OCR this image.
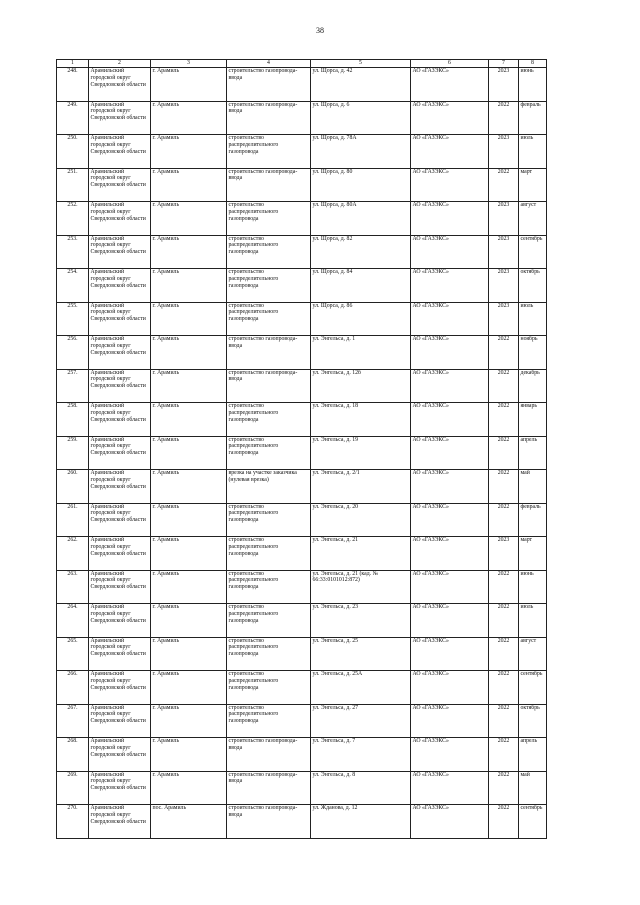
38
1	2	3	4	5	6	7	8
248.	Арамильский городской округ Свердловской области	г. Арамиль	строительство газопровода-ввода	ул. Щорса, д. 42	АО «ГАЗЭКС»	2023	июнь
249.	Арамильский городской округ Свердловской области	г. Арамиль	строительство газопровода-ввода	ул. Щорса, д. 6	АО «ГАЗЭКС»	2022	февраль
250.	Арамильский городской округ Свердловской области	г. Арамиль	строительство распределительного газопровода	ул. Щорса, д. 78А	АО «ГАЗЭКС»	2023	июль
251.	Арамильский городской округ Свердловской области	г. Арамиль	строительство газопровода-ввода	ул. Щорса, д. 80	АО «ГАЗЭКС»	2022	март
252.	Арамильский городской округ Свердловской области	г. Арамиль	строительство распределительного газопровода	ул. Щорса, д. 80А	АО «ГАЗЭКС»	2023	август
253.	Арамильский городской округ Свердловской области	г. Арамиль	строительство распределительного газопровода	ул. Щорса, д. 82	АО «ГАЗЭКС»	2023	сентябрь
254.	Арамильский городской округ Свердловской области	г. Арамиль	строительство распределительного газопровода	ул. Щорса, д. 84	АО «ГАЗЭКС»	2023	октябрь
255.	Арамильский городской округ Свердловской области	г. Арамиль	строительство распределительного газопровода	ул. Щорса, д. 86	АО «ГАЗЭКС»	2023	июль
256.	Арамильский городской округ Свердловской области	г. Арамиль	строительство газопровода-ввода	ул. Энгельса, д. 1	АО «ГАЗЭКС»	2022	ноябрь
257.	Арамильский городской округ Свердловской области	г. Арамиль	строительство газопровода-ввода	ул. Энгельса, д. 12б	АО «ГАЗЭКС»	2022	декабрь
258.	Арамильский городской округ Свердловской области	г. Арамиль	строительство распределительного газопровода	ул. Энгельса, д. 18	АО «ГАЗЭКС»	2022	январь
259.	Арамильский городской округ Свердловской области	г. Арамиль	строительство распределительного газопровода	ул. Энгельса, д. 19	АО «ГАЗЭКС»	2022	апрель
260.	Арамильский городской округ Свердловской области	г. Арамиль	врезка на участке заказчика (нулевая врезка)	ул. Энгельса, д. 2/1	АО «ГАЗЭКС»	2022	май
261.	Арамильский городской округ Свердловской области	г. Арамиль	строительство распределительного газопровода	ул. Энгельса, д. 20	АО «ГАЗЭКС»	2022	февраль
262.	Арамильский городской округ Свердловской области	г. Арамиль	строительство распределительного газопровода	ул. Энгельса, д. 21	АО «ГАЗЭКС»	2023	март
263.	Арамильский городской округ Свердловской области	г. Арамиль	строительство распределительного газопровода	ул. Энгельса, д. 21 (кад. № 66:33:0101012:872)	АО «ГАЗЭКС»	2022	июнь
264.	Арамильский городской округ Свердловской области	г. Арамиль	строительство распределительного газопровода	ул. Энгельса, д. 23	АО «ГАЗЭКС»	2022	июль
265.	Арамильский городской округ Свердловской области	г. Арамиль	строительство распределительного газопровода	ул. Энгельса, д. 25	АО «ГАЗЭКС»	2022	август
266.	Арамильский городской округ Свердловской области	г. Арамиль	строительство распределительного газопровода	ул. Энгельса, д. 25А	АО «ГАЗЭКС»	2022	сентябрь
267.	Арамильский городской округ Свердловской области	г. Арамиль	строительство распределительного газопровода	ул. Энгельса, д. 27	АО «ГАЗЭКС»	2022	октябрь
268.	Арамильский городской округ Свердловской области	г. Арамиль	строительство газопровода-ввода	ул. Энгельса, д. 7	АО «ГАЗЭКС»	2022	апрель
269.	Арамильский городской округ Свердловской области	г. Арамиль	строительство газопровода-ввода	ул. Энгельса, д. 8	АО «ГАЗЭКС»	2022	май
270.	Арамильский городской округ Свердловской области	пос. Арамиль	строительство газопровода-ввода	ул. Жданова, д. 12	АО «ГАЗЭКС»	2022	сентябрь
